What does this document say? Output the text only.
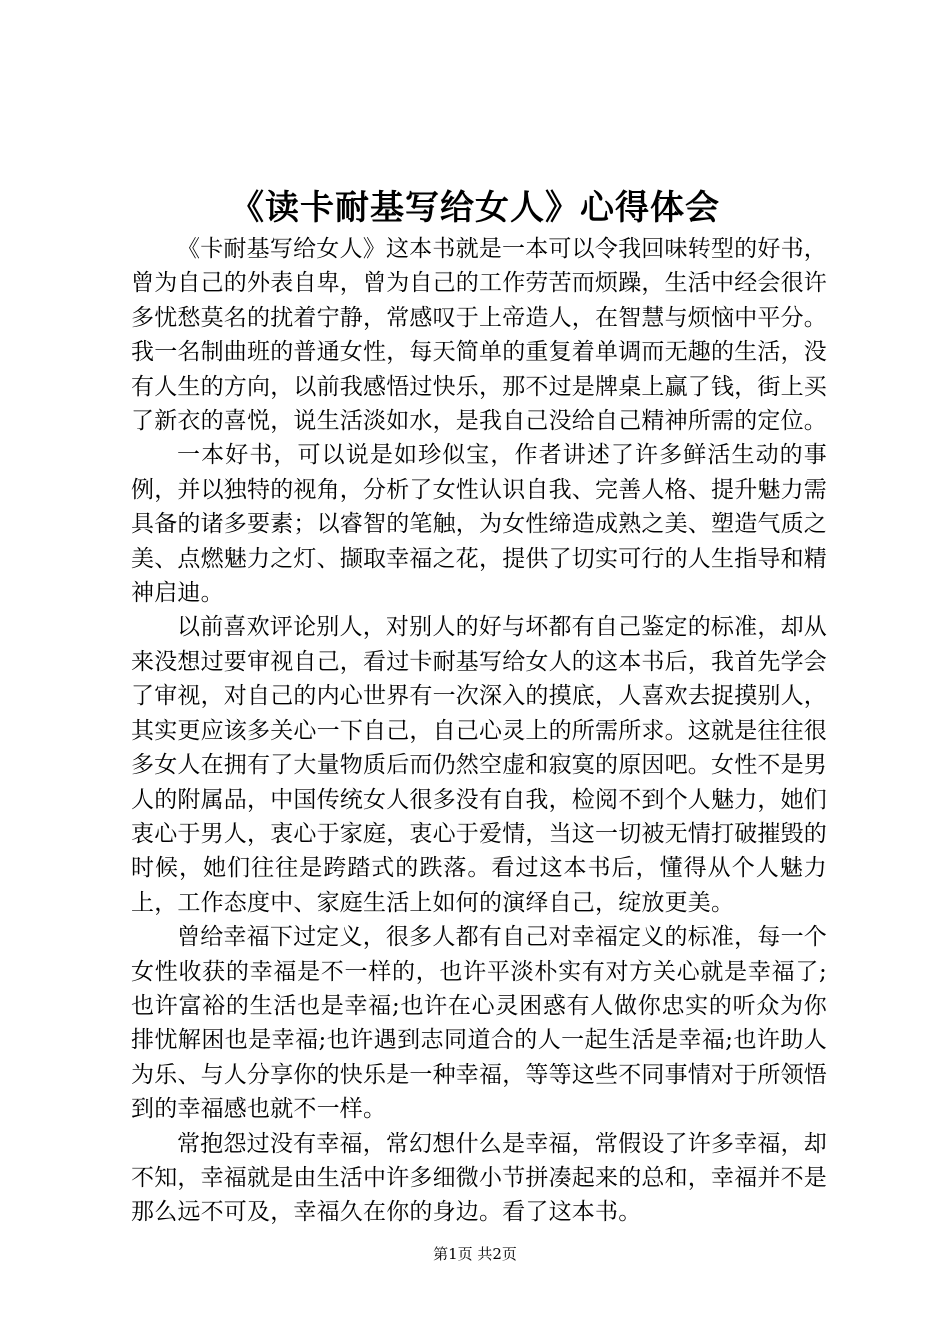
《读卡耐基写给女人》心得体会

《卡耐基写给女人》这本书就是一本可以令我回味转型的好书，曾为自己的外表自卑，曾为自己的工作劳苦而烦躁，生活中经会很许多忧愁莫名的扰着宁静，常感叹于上帝造人，在智慧与烦恼中平分。我一名制曲班的普通女性，每天简单的重复着单调而无趣的生活，没有人生的方向，以前我感悟过快乐，那不过是牌桌上赢了钱，街上买了新衣的喜悦，说生活淡如水，是我自己没给自己精神所需的定位。

一本好书，可以说是如珍似宝，作者讲述了许多鲜活生动的事例，并以独特的视角，分析了女性认识自我、完善人格、提升魅力需具备的诸多要素；以睿智的笔触，为女性缔造成熟之美、塑造气质之美、点燃魅力之灯、撷取幸福之花，提供了切实可行的人生指导和精神启迪。

以前喜欢评论别人，对别人的好与坏都有自己鉴定的标准，却从来没想过要审视自己，看过卡耐基写给女人的这本书后，我首先学会了审视，对自己的内心世界有一次深入的摸底，人喜欢去捉摸别人，其实更应该多关心一下自己，自己心灵上的所需所求。这就是往往很多女人在拥有了大量物质后而仍然空虚和寂寞的原因吧。女性不是男人的附属品，中国传统女人很多没有自我，检阅不到个人魅力，她们衷心于男人，衷心于家庭，衷心于爱情，当这一切被无情打破摧毁的时候，她们往往是跨踏式的跌落。看过这本书后，懂得从个人魅力上，工作态度中、家庭生活上如何的演绎自己，绽放更美。

曾给幸福下过定义，很多人都有自己对幸福定义的标准，每一个女性收获的幸福是不一样的，也许平淡朴实有对方关心就是幸福了;也许富裕的生活也是幸福;也许在心灵困惑有人做你忠实的听众为你排忧解困也是幸福;也许遇到志同道合的人一起生活是幸福;也许助人为乐、与人分享你的快乐是一种幸福，等等这些不同事情对于所领悟到的幸福感也就不一样。

常抱怨过没有幸福，常幻想什么是幸福，常假设了许多幸福，却不知，幸福就是由生活中许多细微小节拼凑起来的总和，幸福并不是那么远不可及，幸福久在你的身边。看了这本书。

第1页 共2页
